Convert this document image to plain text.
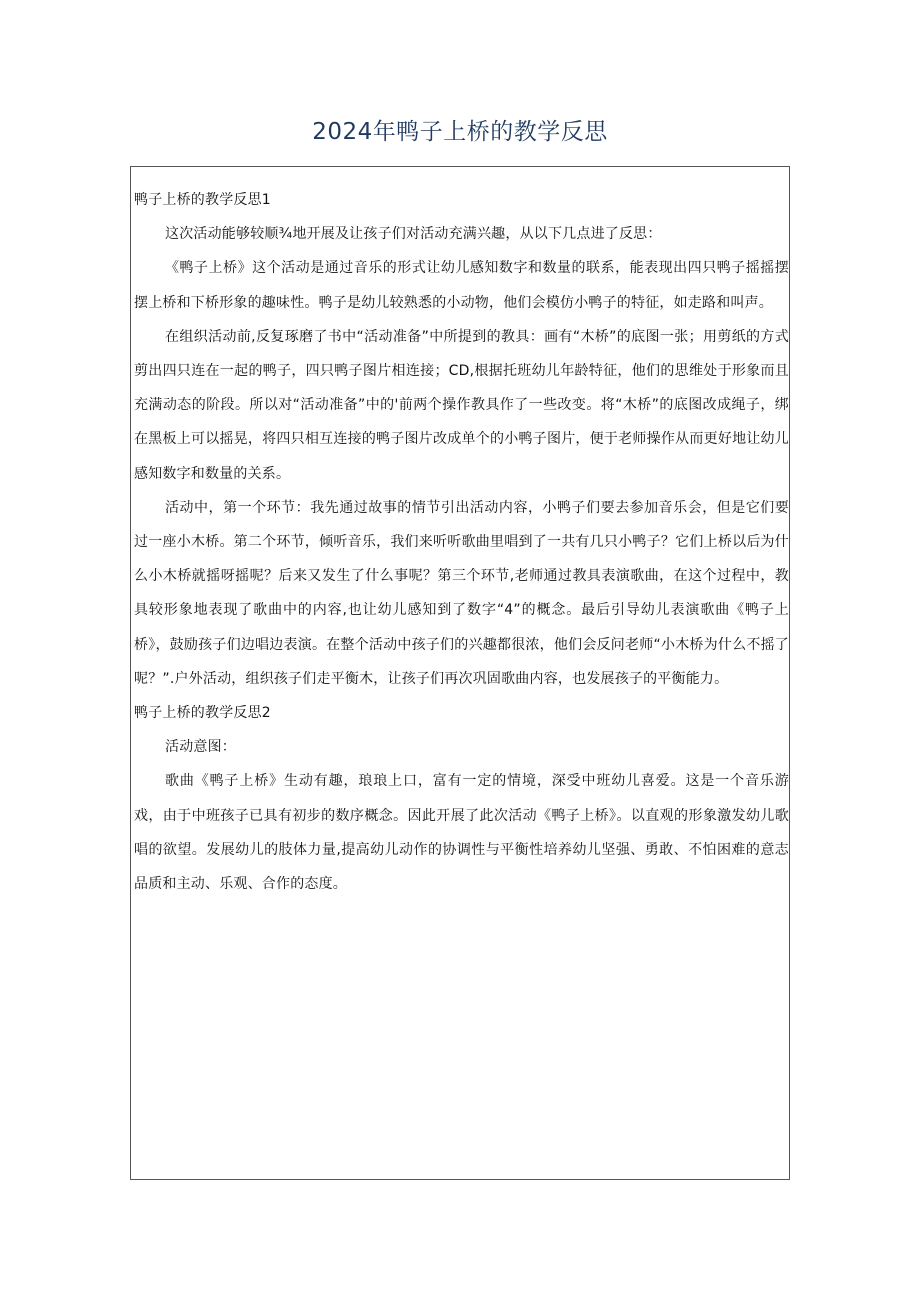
2024年鸭子上桥的教学反思

鸭子上桥的教学反思1

这次活动能够较顺¾地开展及让孩子们对活动充满兴趣，从以下几点进了反思：

《鸭子上桥》这个活动是通过音乐的形式让幼儿感知数字和数量的联系，能表现出四只鸭子摇摇摆摆上桥和下桥形象的趣味性。鸭子是幼儿较熟悉的小动物，他们会模仿小鸭子的特征，如走路和叫声。

在组织活动前,反复琢磨了书中“活动准备”中所提到的教具：画有“木桥”的底图一张；用剪纸的方式剪出四只连在一起的鸭子，四只鸭子图片相连接；CD,根据托班幼儿年龄特征，他们的思维处于形象而且充满动态的阶段。所以对“活动准备”中的'前两个操作教具作了一些改变。将“木桥”的底图改成绳子，绑在黑板上可以摇晃，将四只相互连接的鸭子图片改成单个的小鸭子图片，便于老师操作从而更好地让幼儿感知数字和数量的关系。

活动中，第一个环节：我先通过故事的情节引出活动内容，小鸭子们要去参加音乐会，但是它们要过一座小木桥。第二个环节，倾听音乐，我们来听听歌曲里唱到了一共有几只小鸭子？它们上桥以后为什么小木桥就摇呀摇呢？后来又发生了什么事呢？第三个环节,老师通过教具表演歌曲，在这个过程中，教具较形象地表现了歌曲中的内容,也让幼儿感知到了数字“4”的概念。最后引导幼儿表演歌曲《鸭子上桥》，鼓励孩子们边唱边表演。在整个活动中孩子们的兴趣都很浓，他们会反问老师“小木桥为什么不摇了呢？”.户外活动，组织孩子们走平衡木，让孩子们再次巩固歌曲内容，也发展孩子的平衡能力。

鸭子上桥的教学反思2

活动意图：

歌曲《鸭子上桥》生动有趣，琅琅上口，富有一定的情境，深受中班幼儿喜爱。这是一个音乐游戏，由于中班孩子已具有初步的数序概念。因此开展了此次活动《鸭子上桥》。以直观的形象激发幼儿歌唱的欲望。发展幼儿的肢体力量,提高幼儿动作的协调性与平衡性培养幼儿坚强、勇敢、不怕困难的意志品质和主动、乐观、合作的态度。
